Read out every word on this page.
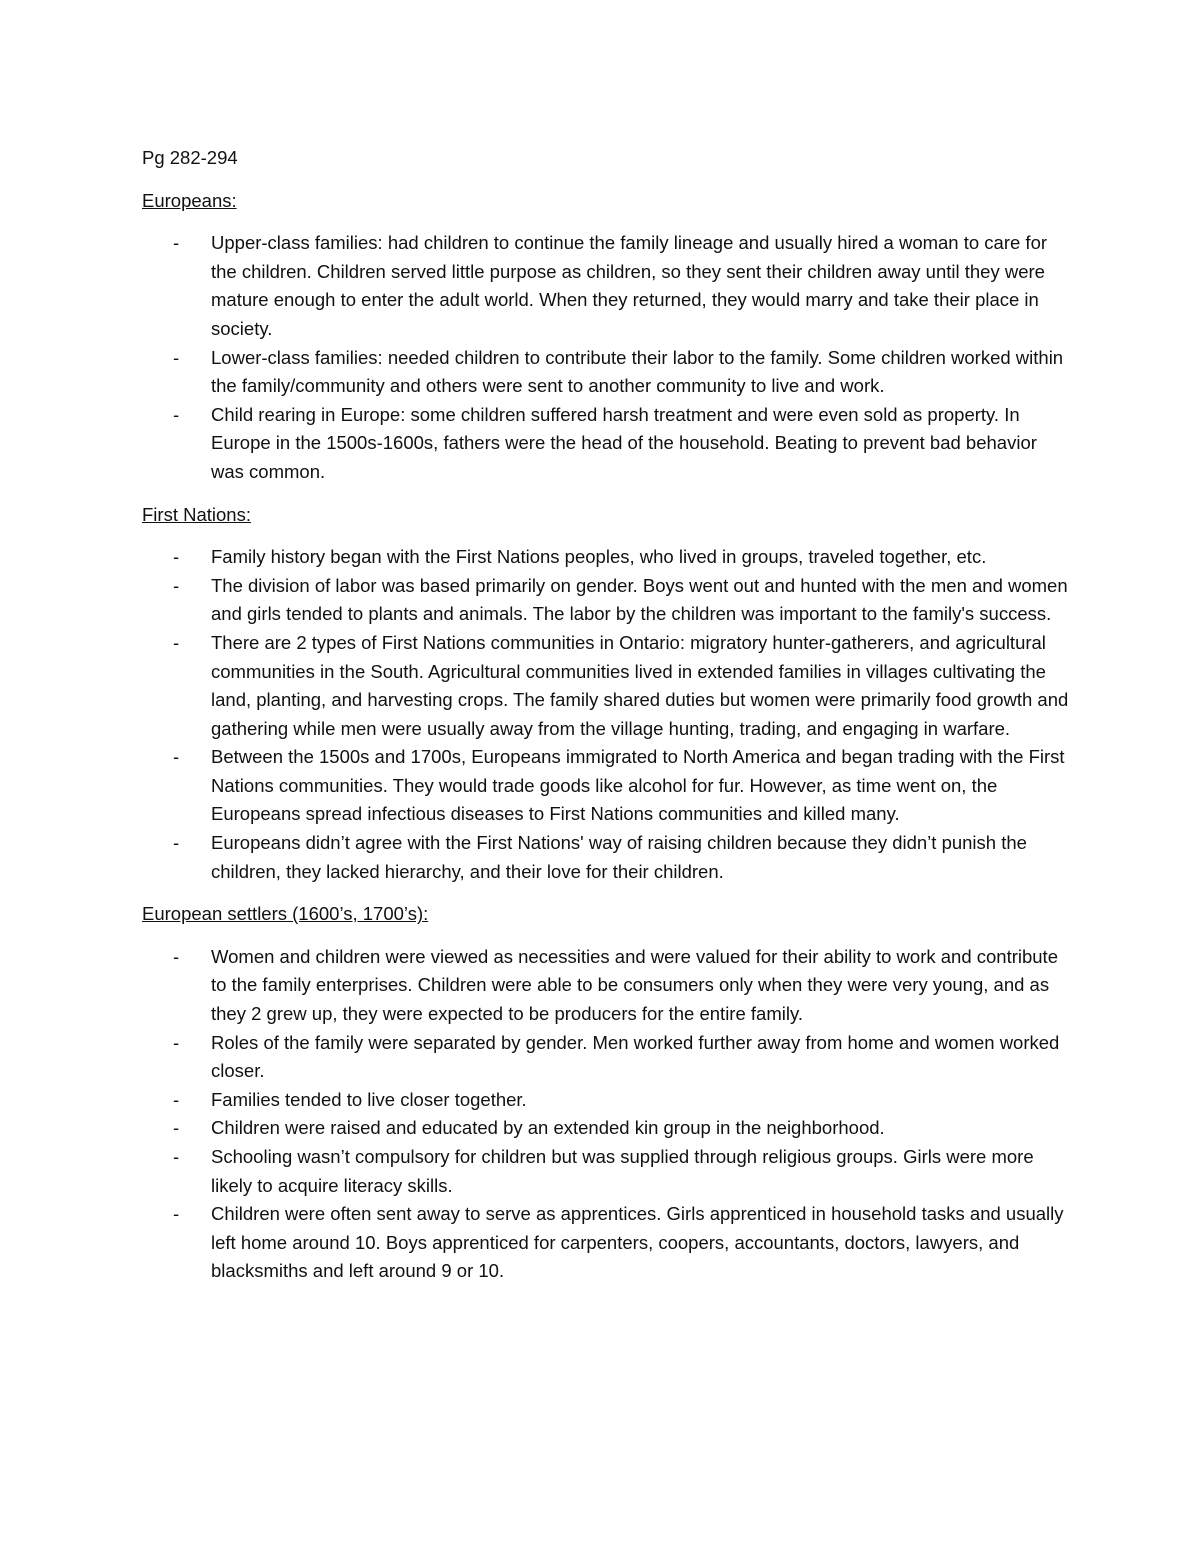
Pg 282-294

Europeans:

- Upper-class families: had children to continue the family lineage and usually hired a woman to care for the children. Children served little purpose as children, so they sent their children away until they were mature enough to enter the adult world. When they returned, they would marry and take their place in society.
- Lower-class families: needed children to contribute their labor to the family. Some children worked within the family/community and others were sent to another community to live and work.
- Child rearing in Europe: some children suffered harsh treatment and were even sold as property. In Europe in the 1500s-1600s, fathers were the head of the household. Beating to prevent bad behavior was common.

First Nations:

- Family history began with the First Nations peoples, who lived in groups, traveled together, etc.
- The division of labor was based primarily on gender. Boys went out and hunted with the men and women and girls tended to plants and animals. The labor by the children was important to the family's success.
- There are 2 types of First Nations communities in Ontario: migratory hunter-gatherers, and agricultural communities in the South. Agricultural communities lived in extended families in villages cultivating the land, planting, and harvesting crops. The family shared duties but women were primarily food growth and gathering while men were usually away from the village hunting, trading, and engaging in warfare.
- Between the 1500s and 1700s, Europeans immigrated to North America and began trading with the First Nations communities. They would trade goods like alcohol for fur. However, as time went on, the Europeans spread infectious diseases to First Nations communities and killed many.
- Europeans didn’t agree with the First Nations' way of raising children because they didn’t punish the children, they lacked hierarchy, and their love for their children.

European settlers (1600’s, 1700’s):

- Women and children were viewed as necessities and were valued for their ability to work and contribute to the family enterprises. Children were able to be consumers only when they were very young, and as they 2 grew up, they were expected to be producers for the entire family.
- Roles of the family were separated by gender. Men worked further away from home and women worked closer.
- Families tended to live closer together.
- Children were raised and educated by an extended kin group in the neighborhood.
- Schooling wasn’t compulsory for children but was supplied through religious groups. Girls were more likely to acquire literacy skills.
- Children were often sent away to serve as apprentices. Girls apprenticed in household tasks and usually left home around 10. Boys apprenticed for carpenters, coopers, accountants, doctors, lawyers, and blacksmiths and left around 9 or 10.
